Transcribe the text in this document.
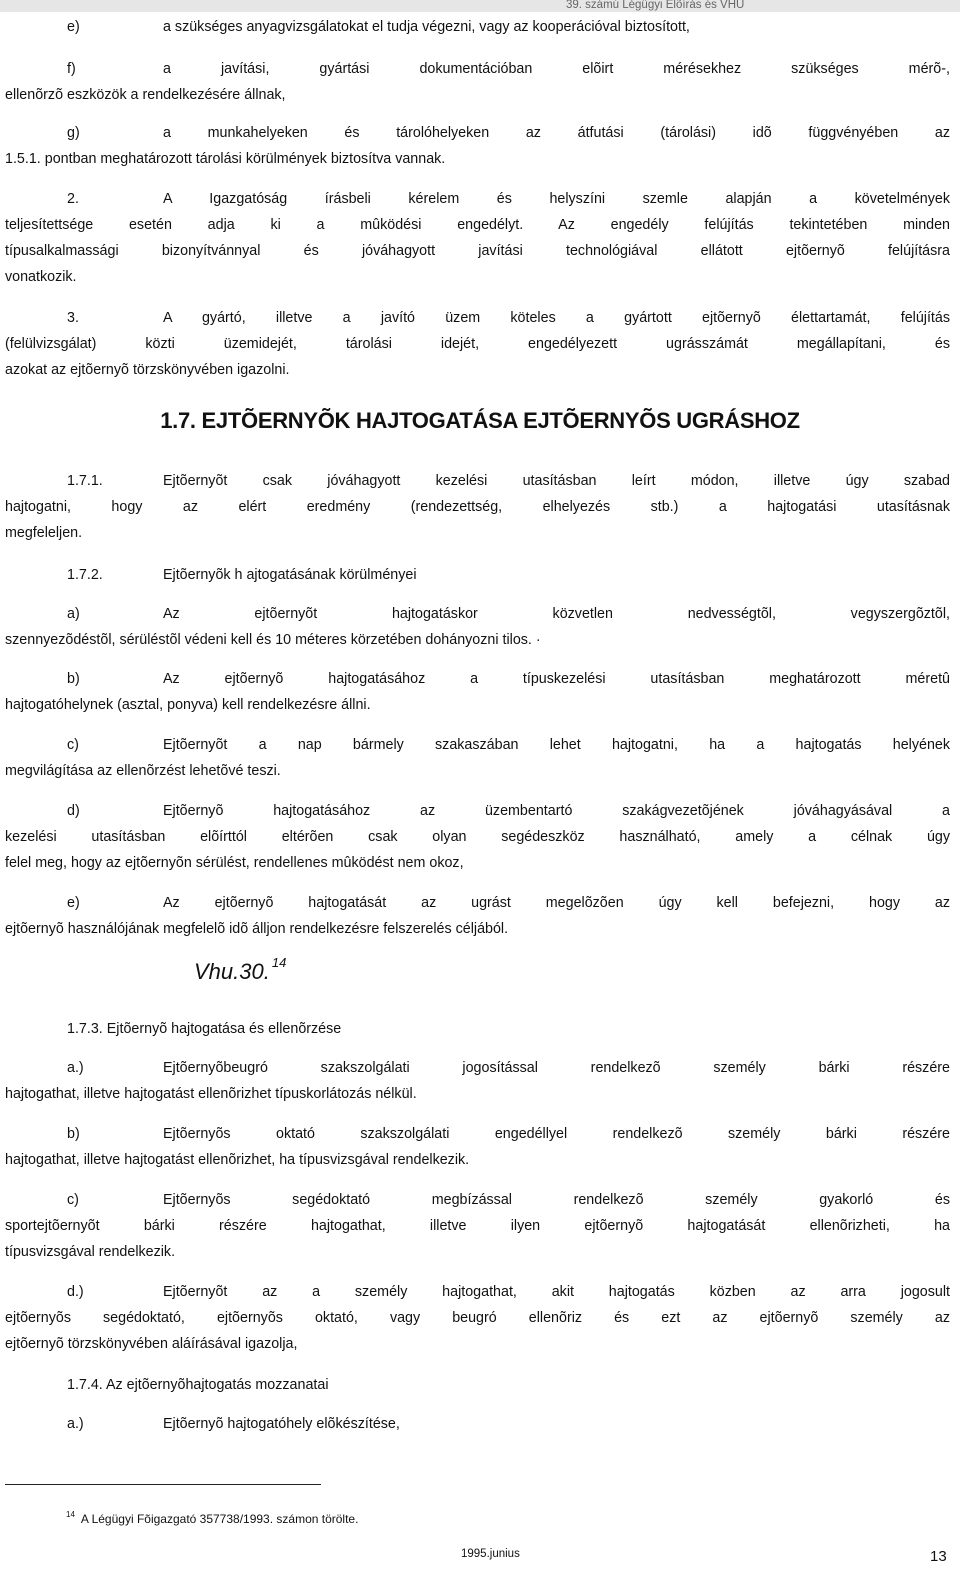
39. számú Légügyi Elõírás és VHÚ
e)	a szükséges anyagvizsgálatokat el tudja végezni, vagy az kooperációval biztosított,
f)	a javítási, gyártási dokumentációban elõirt mérésekhez szükséges mérõ-,
ellenõrzõ eszközök a rendelkezésére állnak,
g)	a munkahelyeken és tárolóhelyeken az átfutási (tárolási) idõ függvényében az
1.5.1. pontban meghatározott tárolási körülmények biztosítva vannak.
2.	A Igazgatóság írásbeli kérelem és helyszíni szemle alapján a követelmények
teljesítettsége esetén adja ki a mûködési engedélyt. Az engedély felújítás tekintetében minden
típusalkalmassági bizonyítvánnyal és jóváhagyott javítási technológiával ellátott ejtõernyõ felújításra
vonatkozik.
3.	A gyártó, illetve a javító üzem köteles a gyártott ejtõernyõ élettartamát, felújítás
(felülvizsgálat) közti üzemidejét, tárolási idejét, engedélyezett ugrásszámát megállapítani, és
azokat az ejtõernyõ törzskönyvében igazolni.
1.7.1.	Ejtõernyõt csak jóváhagyott kezelési utasításban leírt módon, illetve úgy szabad
hajtogatni, hogy az elért eredmény (rendezettség, elhelyezés stb.) a hajtogatási utasításnak
megfeleljen.
1.7.2.	Ejtõernyõk h ajtogatásának körülményei
a)	Az ejtõernyõt hajtogatáskor közvetlen nedvességtõl, vegyszergõztõl,
szennyezõdéstõl, sérüléstõl védeni kell és 10 méteres körzetében dohányozni tilos. ·
b)	Az ejtõernyõ hajtogatásához a típuskezelési utasításban meghatározott méretû
hajtogatóhelynek (asztal, ponyva) kell rendelkezésre állni.
c)	Ejtõernyõt a nap bármely szakaszában lehet hajtogatni, ha a hajtogatás helyének
megvilágítása az ellenõrzést lehetõvé teszi.
d)	Ejtõernyõ hajtogatásához az üzembentartó szakágvezetõjének jóváhagyásával a
kezelési utasításban elõírttól eltérõen csak olyan segédeszköz használható, amely a célnak úgy
felel meg, hogy az ejtõernyõn sérülést, rendellenes mûködést nem okoz,
e)	Az ejtõernyõ hajtogatását az ugrást megelõzõen úgy kell befejezni, hogy az
ejtõernyõ használójának megfelelõ idõ álljon rendelkezésre felszerelés céljából.
1.7.3. Ejtõernyõ hajtogatása és ellenõrzése
a.)	Ejtõernyõbeugró szakszolgálati jogosítással rendelkezõ személy bárki részére
hajtogathat, illetve hajtogatást ellenõrizhet típuskorlátozás nélkül.
b)	Ejtõernyõs oktató szakszolgálati engedéllyel rendelkezõ személy bárki részére
hajtogathat, illetve hajtogatást ellenõrizhet, ha típusvizsgával rendelkezik.
c)	Ejtõernyõs segédoktató megbízással rendelkezõ személy gyakorló és
sportejtõernyõt bárki részére hajtogathat, illetve ilyen ejtõernyõ hajtogatását ellenõrizheti, ha
típusvizsgával rendelkezik.
d.)	Ejtõernyõt az a személy hajtogathat, akit hajtogatás közben az arra jogosult
ejtõernyõs segédoktató, ejtõernyõs oktató, vagy beugró ellenõriz és ezt az ejtõernyõ személy az
ejtõernyõ törzskönyvében aláírásával igazolja,
1.7.4. Az ejtõernyõhajtogatás mozzanatai
a.)	Ejtõernyõ hajtogatóhely elõkészítése,
1.7. EJTÕERNYÕK HAJTOGATÁSA EJTÕERNYÕS UGRÁSHOZ
Vhu.30. $^{14}$
$^{14}$ A Légügyi Fõigazgató 357738/1993. számon törölte.
1995.junius	13
